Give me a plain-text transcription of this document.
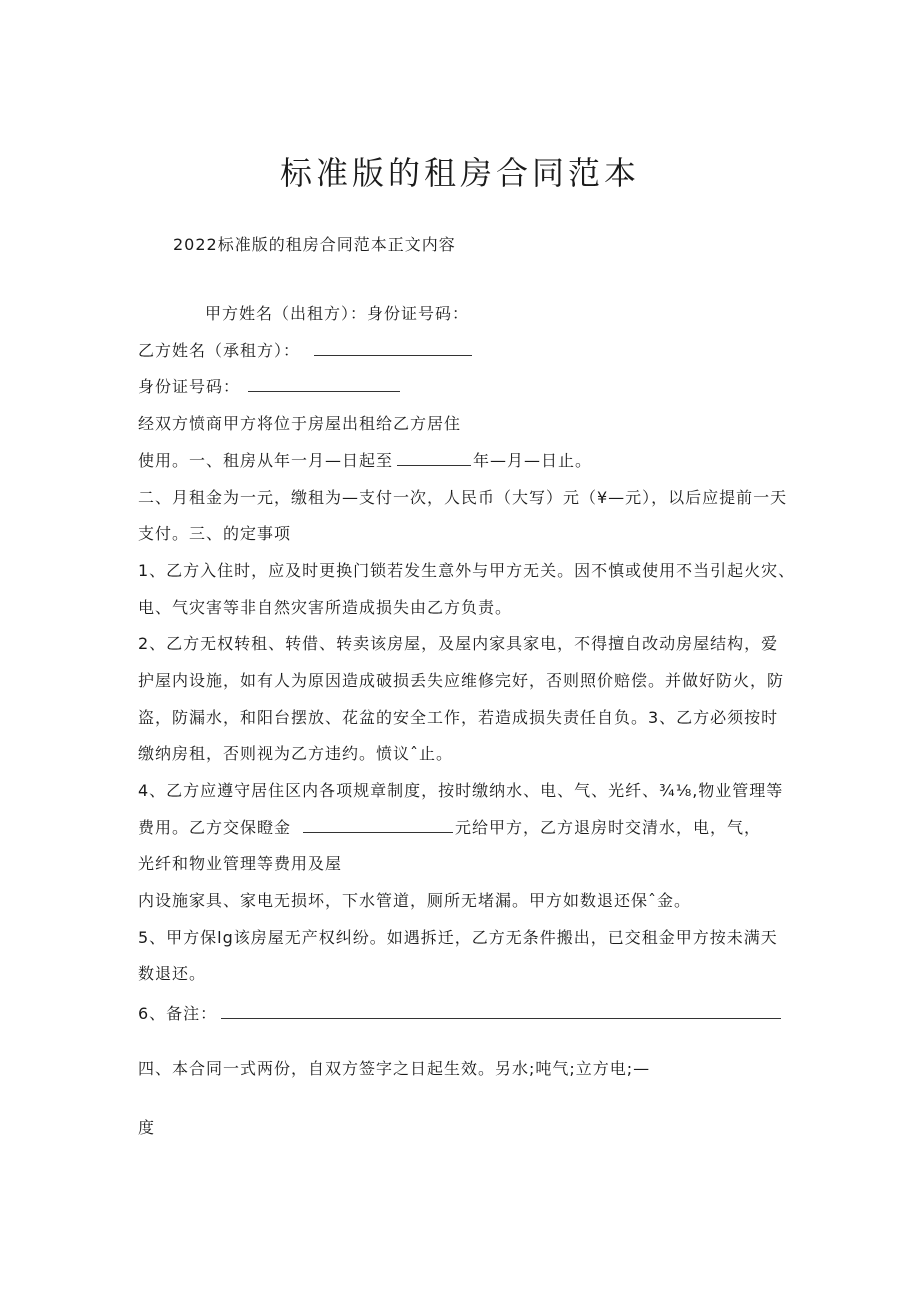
标准版的租房合同范本
2022标准版的租房合同范本正文内容
甲方姓名（出租方）：身份证号码：
乙方姓名（承租方）：
身份证号码：
经双方愤商甲方将位于房屋出租给乙方居住
使用。一、租房从年一月—日起至	年—月—日止。
二、月租金为一元，缴租为—支付一次，人民币（大写）元（¥—元），以后应提前一天
支付。三、的定事项
1、乙方入住时，应及时更换门锁若发生意外与甲方无关。因不慎或使用不当引起火灾、
电、气灾害等非自然灾害所造成损失由乙方负责。
2、乙方无权转租、转借、转卖该房屋，及屋内家具家电，不得擅自改动房屋结构，爱
护屋内设施，如有人为原因造成破损丢失应维修完好，否则照价赔偿。并做好防火，防
盗，防漏水，和阳台摆放、花盆的安全工作，若造成损失责任自负。3、乙方必须按时
缴纳房租，否则视为乙方违约。愤议ˆ止。
4、乙方应遵守居住区内各项规章制度，按时缴纳水、电、气、光纤、¾⅛,物业管理等
费用。乙方交保瞪金	元给甲方，乙方退房时交清水，电，气，
光纤和物业管理等费用及屋
内设施家具、家电无损坏，下水管道，厕所无堵漏。甲方如数退还保ˆ金。
5、甲方保lg该房屋无产权纠纷。如遇拆迁，乙方无条件搬出，已交租金甲方按未满天
数退还。
6、备注：
四、本合同一式两份，自双方签字之日起生效。另水;吨气;立方电;—
度
